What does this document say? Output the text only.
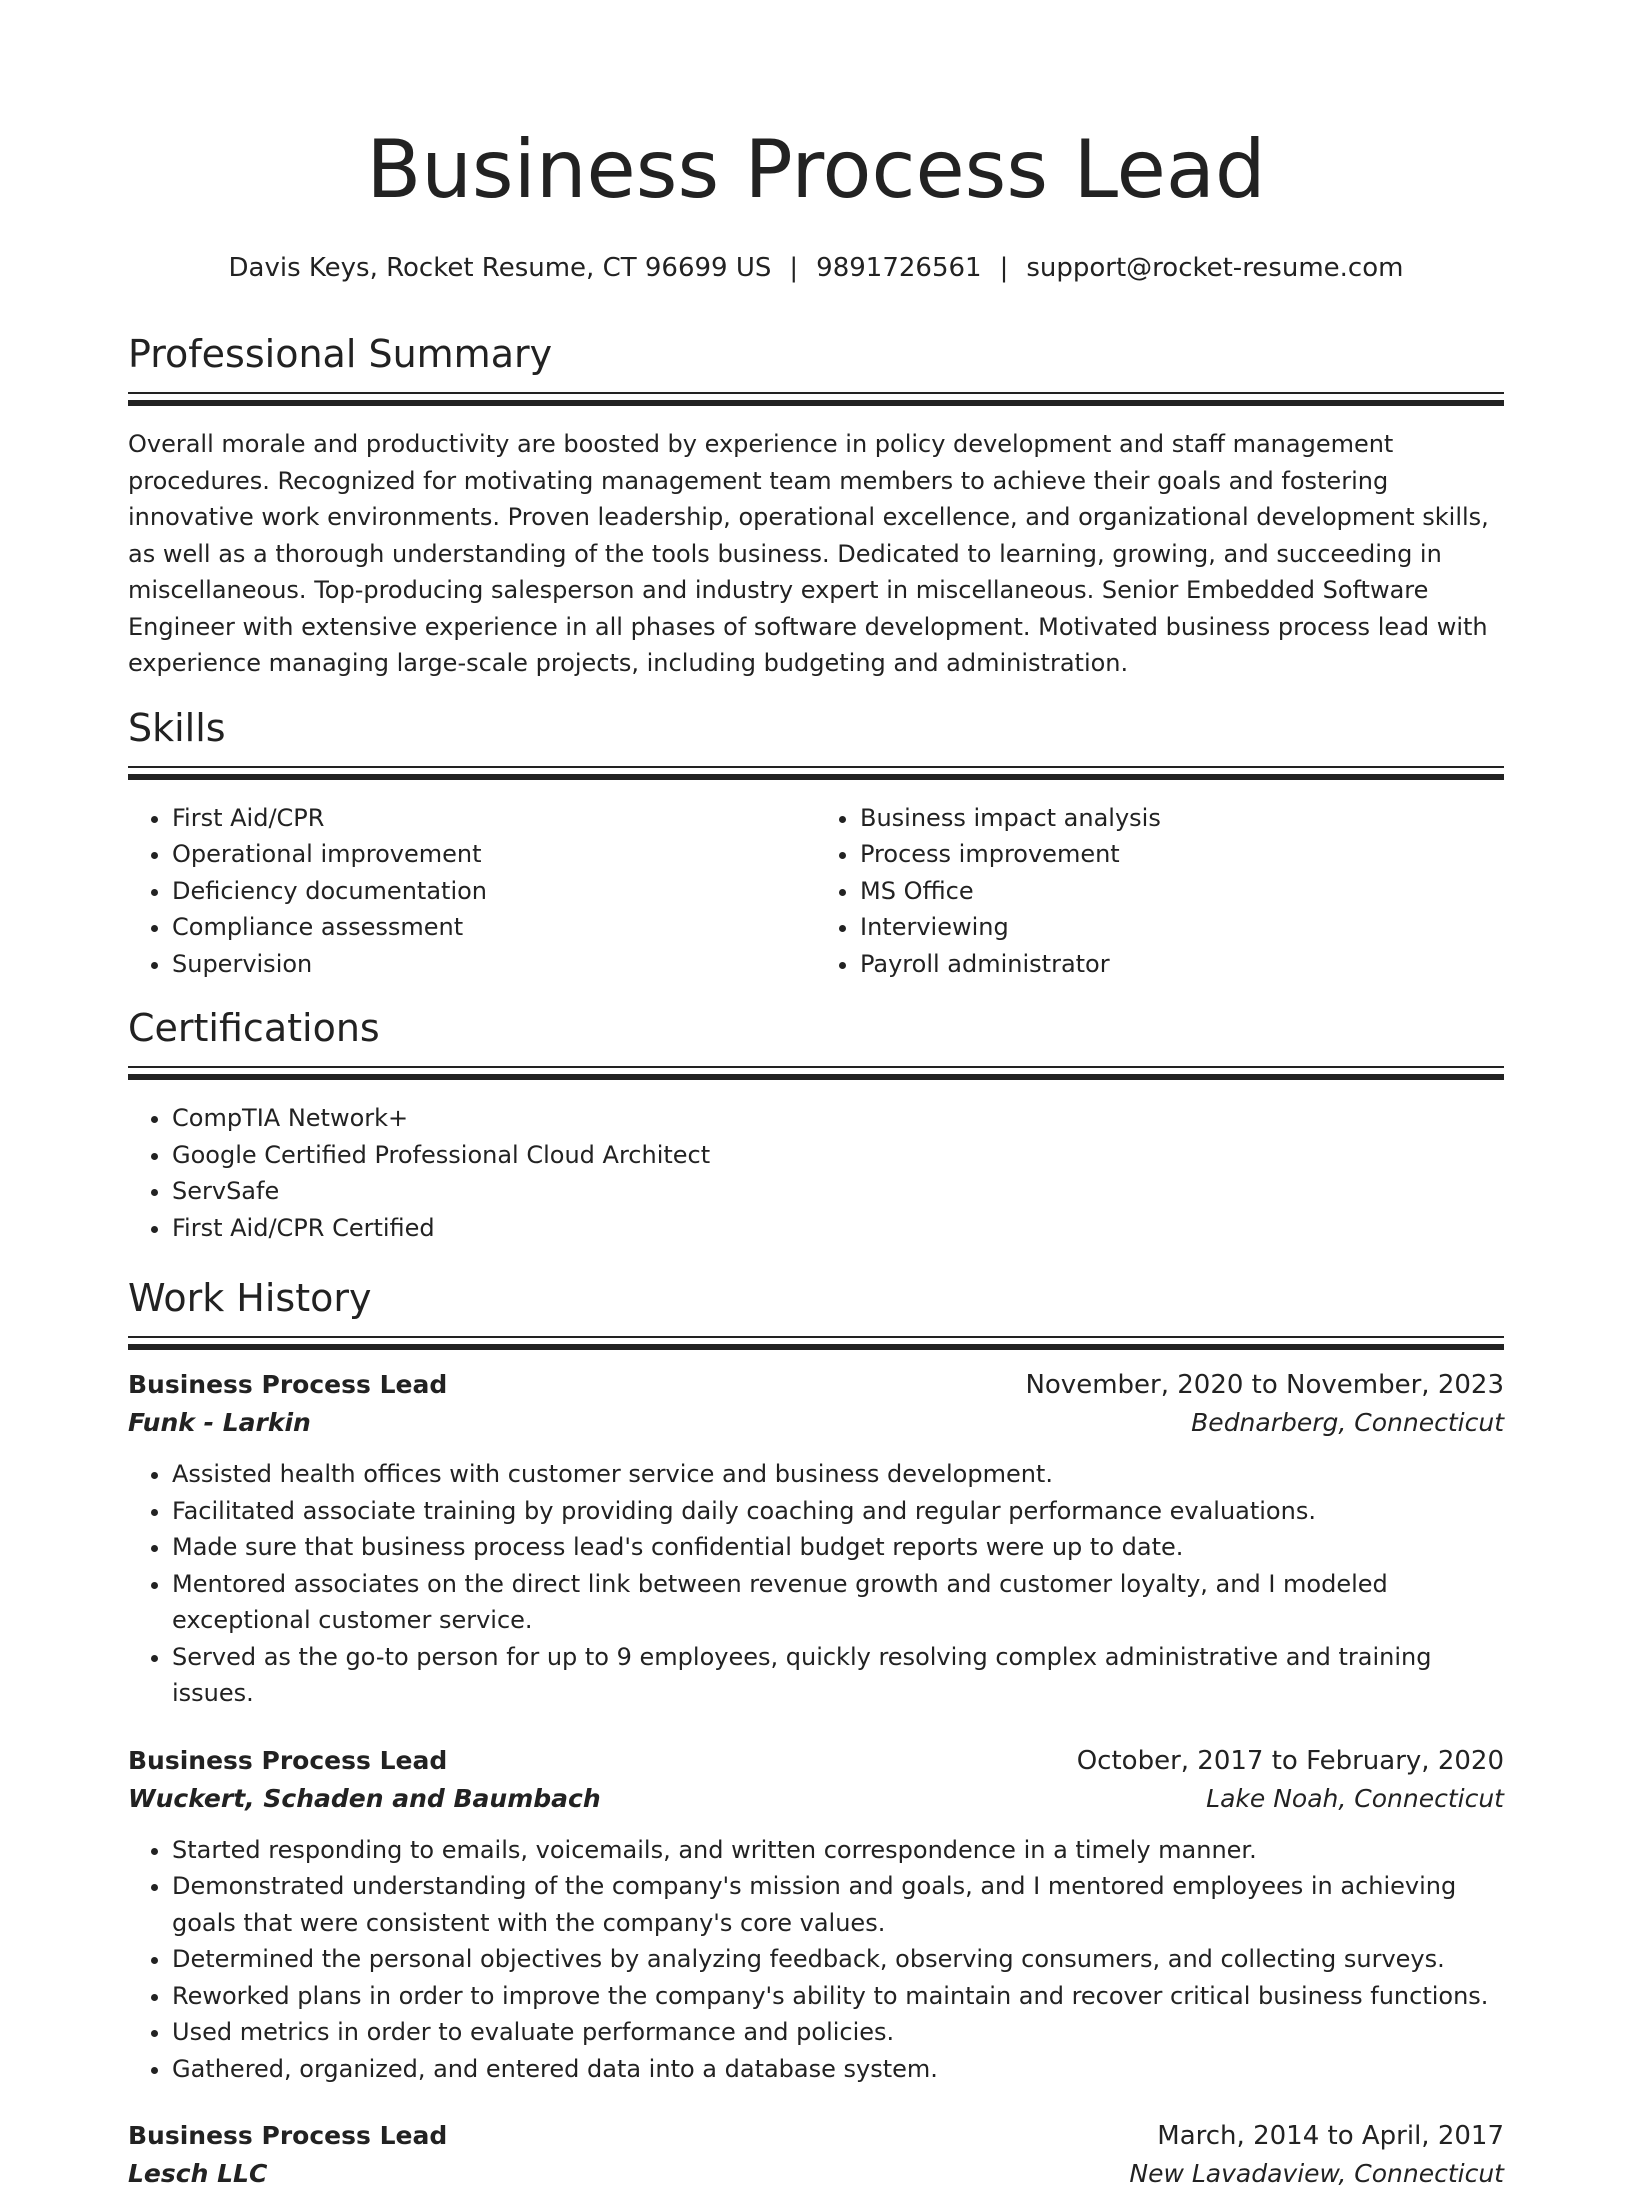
Business Process Lead
Davis Keys, Rocket Resume, CT 96699 US | 9891726561 | support@rocket-resume.com
Professional Summary

Overall morale and productivity are boosted by experience in policy development and staff management procedures. Recognized for motivating management team members to achieve their goals and fostering innovative work environments. Proven leadership, operational excellence, and organizational development skills, as well as a thorough understanding of the tools business. Dedicated to learning, growing, and succeeding in miscellaneous. Top-producing salesperson and industry expert in miscellaneous. Senior Embedded Software Engineer with extensive experience in all phases of software development. Motivated business process lead with experience managing large-scale projects, including budgeting and administration.

Skills
• First Aid/CPR
• Operational improvement
• Deficiency documentation
• Compliance assessment
• Supervision
• Business impact analysis
• Process improvement
• MS Office
• Interviewing
• Payroll administrator
Certifications
• CompTIA Network+
• Google Certified Professional Cloud Architect
• ServSafe
• First Aid/CPR Certified
Work History
Business Process Lead	November, 2020 to November, 2023
Funk - Larkin	Bednarberg, Connecticut
• Assisted health offices with customer service and business development.
• Facilitated associate training by providing daily coaching and regular performance evaluations.
• Made sure that business process lead's confidential budget reports were up to date.
• Mentored associates on the direct link between revenue growth and customer loyalty, and I modeled exceptional customer service.
• Served as the go-to person for up to 9 employees, quickly resolving complex administrative and training issues.
Business Process Lead	October, 2017 to February, 2020
Wuckert, Schaden and Baumbach	Lake Noah, Connecticut
• Started responding to emails, voicemails, and written correspondence in a timely manner.
• Demonstrated understanding of the company's mission and goals, and I mentored employees in achieving goals that were consistent with the company's core values.
• Determined the personal objectives by analyzing feedback, observing consumers, and collecting surveys.
• Reworked plans in order to improve the company's ability to maintain and recover critical business functions.
• Used metrics in order to evaluate performance and policies.
• Gathered, organized, and entered data into a database system.
Business Process Lead	March, 2014 to April, 2017
Lesch LLC	New Lavadaview, Connecticut
